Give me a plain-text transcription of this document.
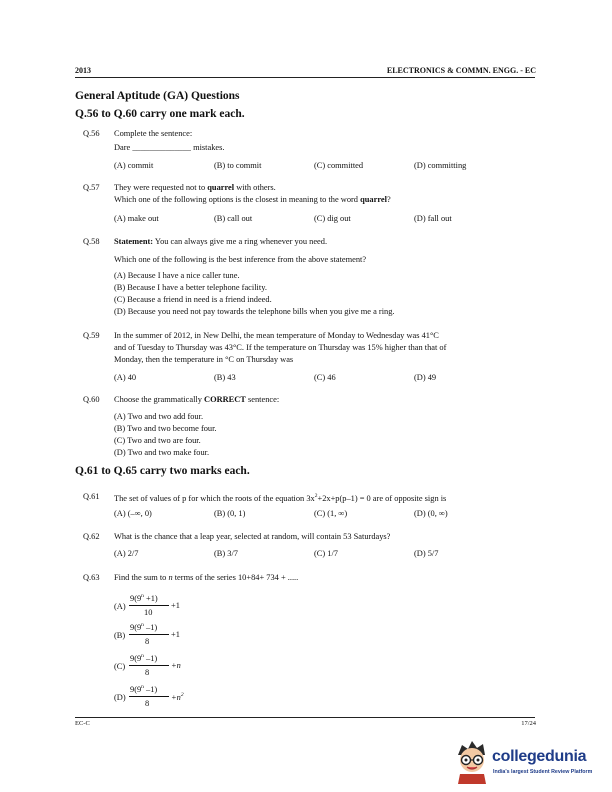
2013	ELECTRONICS & COMMN. ENGG. - EC
General Aptitude (GA) Questions
Q.56 to Q.60 carry one mark each.
Q.56 Complete the sentence:
Dare ______________ mistakes.
(A) commit	(B) to commit	(C) committed	(D) committing
Q.57 They were requested not to quarrel with others.
Which one of the following options is the closest in meaning to the word quarrel?
(A) make out	(B) call out	(C) dig out	(D) fall out
Q.58 Statement: You can always give me a ring whenever you need.
Which one of the following is the best inference from the above statement?
(A) Because I have a nice caller tune.
(B) Because I have a better telephone facility.
(C) Because a friend in need is a friend indeed.
(D) Because you need not pay towards the telephone bills when you give me a ring.
Q.59 In the summer of 2012, in New Delhi, the mean temperature of Monday to Wednesday was 41°C
and of Tuesday to Thursday was 43°C. If the temperature on Thursday was 15% higher than that of
Monday, then the temperature in °C on Thursday was
(A) 40	(B) 43	(C) 46	(D) 49
Q.60 Choose the grammatically CORRECT sentence:
(A) Two and two add four.
(B) Two and two become four.
(C) Two and two are four.
(D) Two and two make four.
Q.61 to Q.65 carry two marks each.
Q.61 The set of values of p for which the roots of the equation $3x^2+2x+p(p-1) = 0$ are of opposite sign is
(A) (–∞, 0)	(B) (0, 1)	(C) (1, ∞)	(D) (0, ∞)
Q.62 What is the chance that a leap year, selected at random, will contain 53 Saturdays?
(A) 2/7	(B) 3/7	(C) 1/7	(D) 5/7
Q.63 Find the sum to n terms of the series 10+84+ 734 + .....
(A)
$9(9^n +1)$
10
+1
(B)
9(9$^n$ –1)
8
+1
(C)
9(9$^n$ –1)
8
+n
(D)
9(9$^n$ –1)
8
$+n^2$
EC-C	17/24
collegedunia
India's largest Student Review Platform
